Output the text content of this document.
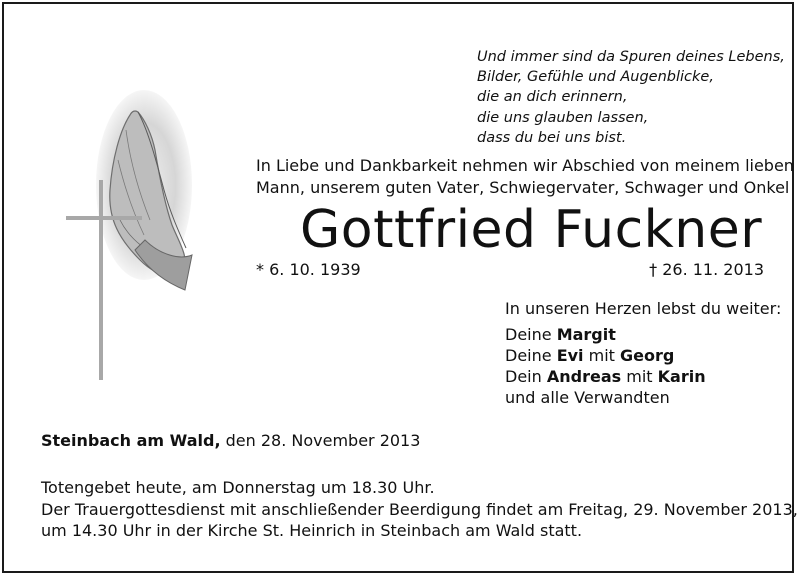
Und immer sind da Spuren deines Lebens,
Bilder, Gefühle und Augenblicke,
die an dich erinnern,
die uns glauben lassen,
dass du bei uns bist.
In Liebe und Dankbarkeit nehmen wir Abschied von meinem lieben
Mann, unserem guten Vater, Schwiegervater, Schwager und Onkel
Gottfried Fuckner
* 6. 10. 1939	† 26. 11. 2013
In unseren Herzen lebst du weiter:
Deine Margit
Deine Evi mit Georg
Dein Andreas mit Karin
und alle Verwandten
Steinbach am Wald, den 28. November 2013
Totengebet heute, am Donnerstag um 18.30 Uhr.
Der Trauergottesdienst mit anschließender Beerdigung findet am Freitag, 29. November 2013,
um 14.30 Uhr in der Kirche St. Heinrich in Steinbach am Wald statt.
